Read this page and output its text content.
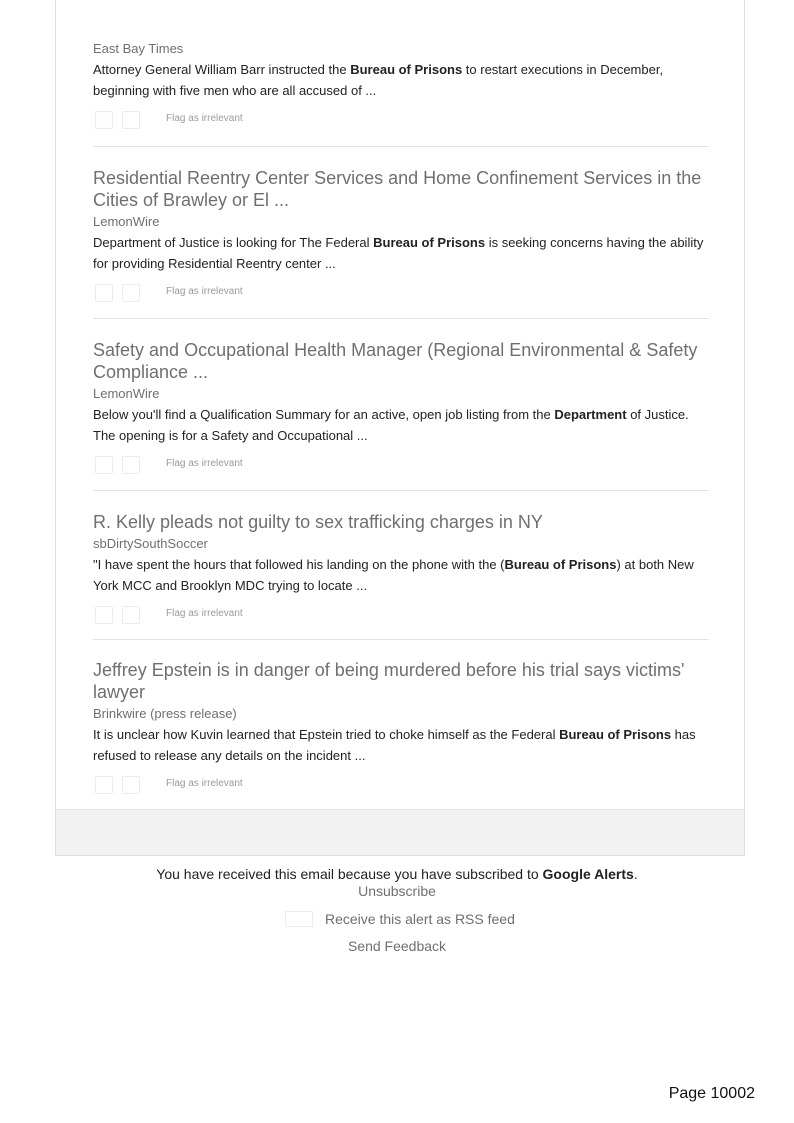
East Bay Times
Attorney General William Barr instructed the Bureau of Prisons to restart executions in December, beginning with five men who are all accused of ...
Flag as irrelevant
Residential Reentry Center Services and Home Confinement Services in the Cities of Brawley or El ...
LemonWire
Department of Justice is looking for The Federal Bureau of Prisons is seeking concerns having the ability for providing Residential Reentry center ...
Flag as irrelevant
Safety and Occupational Health Manager (Regional Environmental & Safety Compliance ...
LemonWire
Below you'll find a Qualification Summary for an active, open job listing from the Department of Justice. The opening is for a Safety and Occupational ...
Flag as irrelevant
R. Kelly pleads not guilty to sex trafficking charges in NY
sbDirtySouthSoccer
"I have spent the hours that followed his landing on the phone with the (Bureau of Prisons) at both New York MCC and Brooklyn MDC trying to locate ...
Flag as irrelevant
Jeffrey Epstein is in danger of being murdered before his trial says victims' lawyer
Brinkwire (press release)
It is unclear how Kuvin learned that Epstein tried to choke himself as the Federal Bureau of Prisons has refused to release any details on the incident ...
Flag as irrelevant
You have received this email because you have subscribed to Google Alerts.
Unsubscribe
Receive this alert as RSS feed
Send Feedback
Page 10002
